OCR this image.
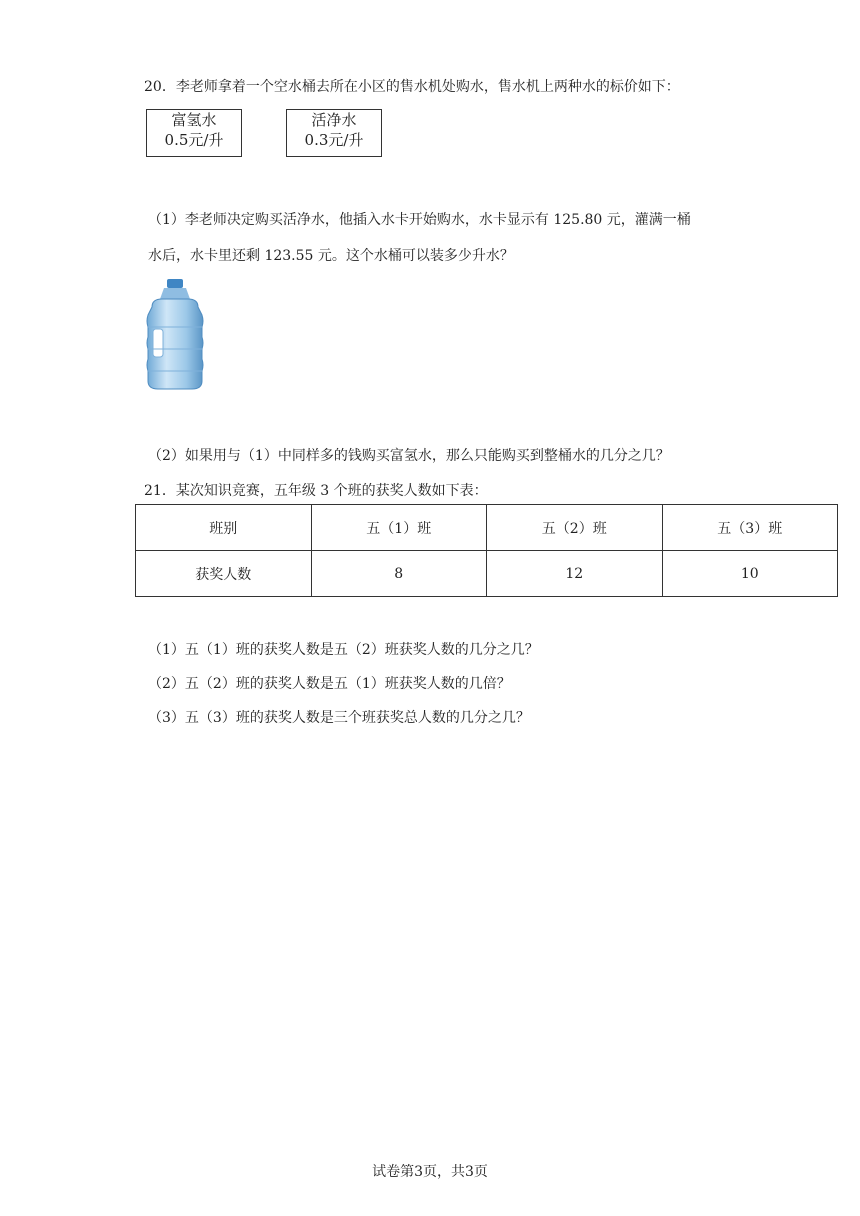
20．李老师拿着一个空水桶去所在小区的售水机处购水，售水机上两种水的标价如下：
富氢水
0.5元/升
活净水
0.3元/升
（1）李老师决定购买活净水，他插入水卡开始购水，水卡显示有 125.80 元，灌满一桶
水后，水卡里还剩 123.55 元。这个水桶可以装多少升水？
（2）如果用与（1）中同样多的钱购买富氢水，那么只能购买到整桶水的几分之几？
21．某次知识竞赛，五年级 3 个班的获奖人数如下表：
班别	五（1）班	五（2）班	五（3）班
获奖人数	8	12	10
（1）五（1）班的获奖人数是五（2）班获奖人数的几分之几？
（2）五（2）班的获奖人数是五（1）班获奖人数的几倍？
（3）五（3）班的获奖人数是三个班获奖总人数的几分之几？
试卷第3页，共3页
